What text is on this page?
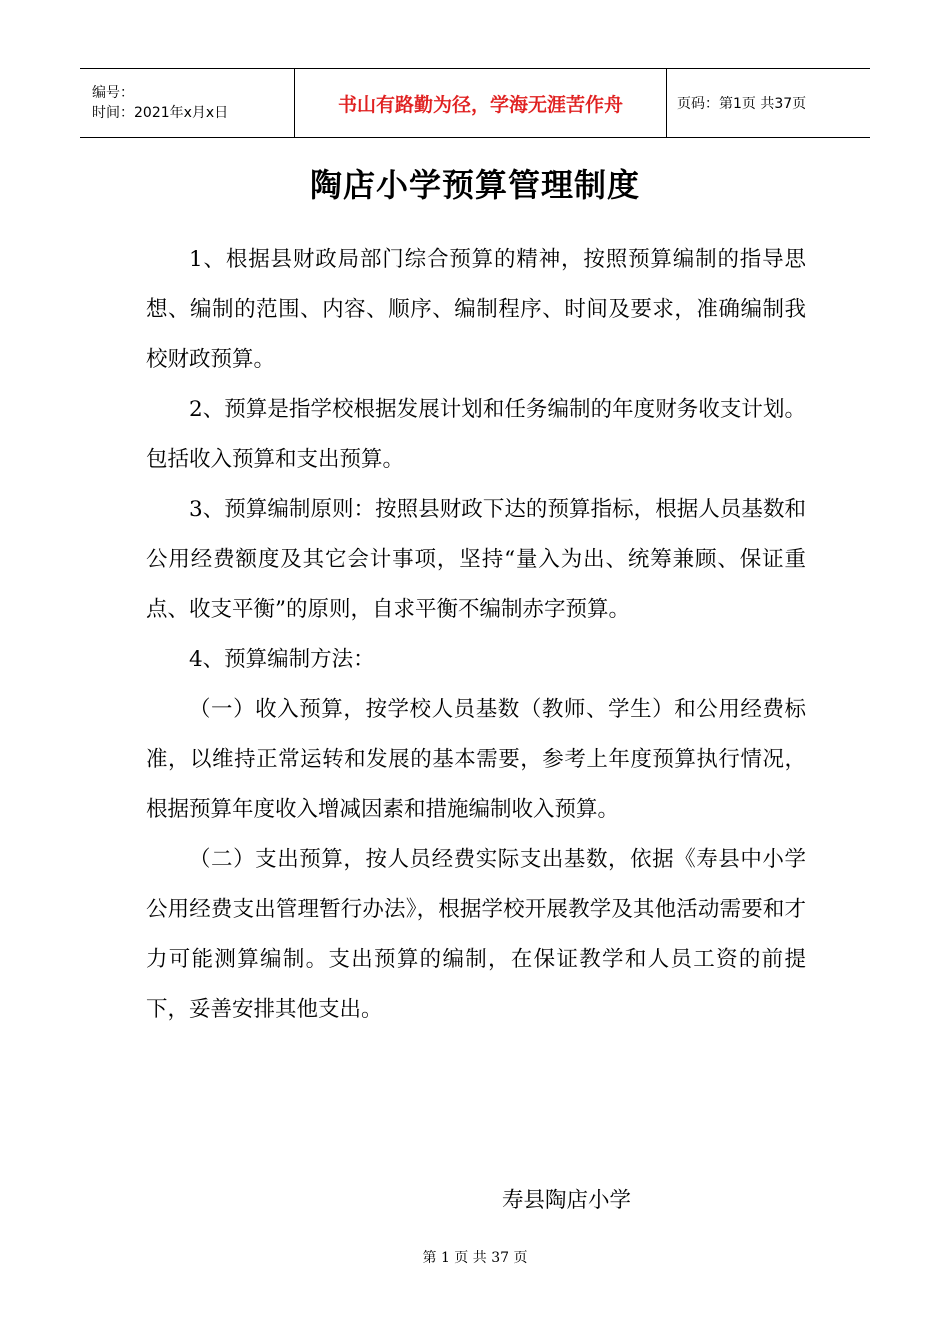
编号：
时间：2021年x月x日	书山有路勤为径，学海无涯苦作舟	页码：第1页 共37页
陶店小学预算管理制度

1、根据县财政局部门综合预算的精神，按照预算编制的指导思想、编制的范围、内容、顺序、编制程序、时间及要求，准确编制我校财政预算。

2、预算是指学校根据发展计划和任务编制的年度财务收支计划。包括收入预算和支出预算。

3、预算编制原则：按照县财政下达的预算指标，根据人员基数和公用经费额度及其它会计事项，坚持“量入为出、统筹兼顾、保证重点、收支平衡”的原则，自求平衡不编制赤字预算。

4、预算编制方法：

（一）收入预算，按学校人员基数（教师、学生）和公用经费标准，以维持正常运转和发展的基本需要，参考上年度预算执行情况，根据预算年度收入增减因素和措施编制收入预算。

（二）支出预算，按人员经费实际支出基数，依据《寿县中小学公用经费支出管理暂行办法》，根据学校开展教学及其他活动需要和才力可能测算编制。支出预算的编制，在保证教学和人员工资的前提下，妥善安排其他支出。

寿县陶店小学
第 1 页 共 37 页
